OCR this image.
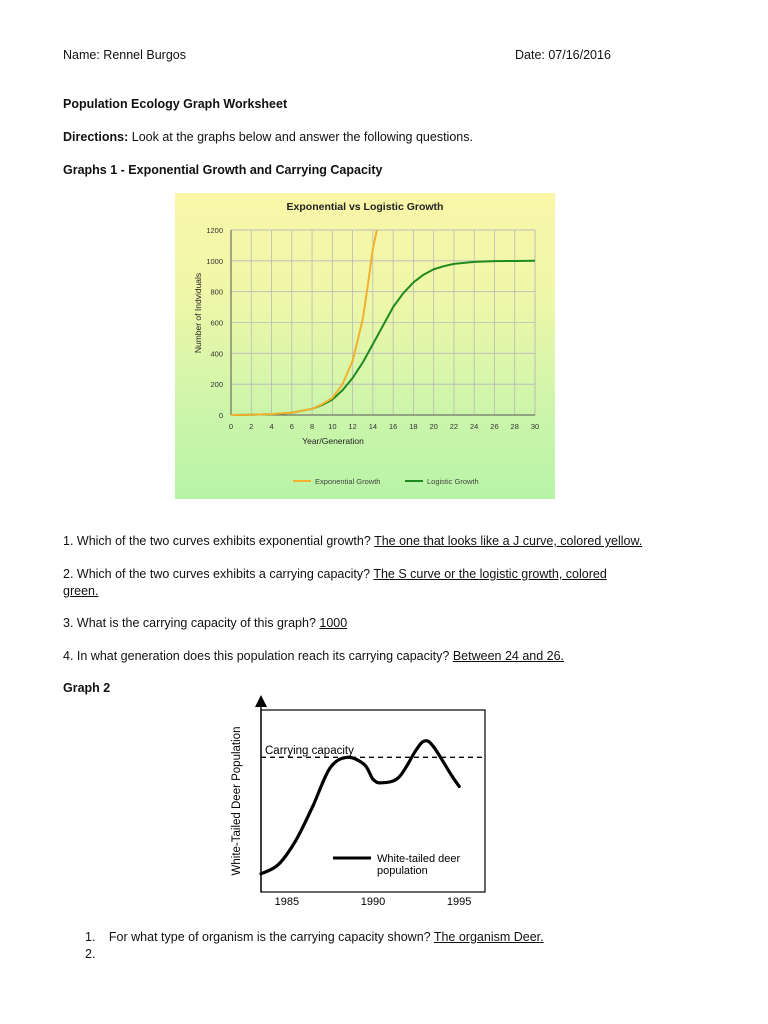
Name: Rennel Burgos	Date: 07/16/2016
Population Ecology Graph Worksheet
Directions: Look at the graphs below and answer the following questions.
Graphs 1 - Exponential Growth and Carrying Capacity
Exponential vs Logistic Growth
0 2 4 6 8 10 12 14 16 18 20 22 24 26 28 30
0
200
400
600
800
1000
1200
Year/Generation
Number of Indviduals
Exponential Growth	Logistic Growth
1. Which of the two curves exhibits exponential growth? The one that looks like a J curve, colored yellow.
2. Which of the two curves exhibits a carrying capacity? The S curve or the logistic growth, colored
green.
3. What is the carrying capacity of this graph? 1000
4. In what generation does this population reach its carrying capacity? Between 24 and 26.
Graph 2
Carrying capacity
White-Tailed Deer Population	White-tailed deer
population
1985	1990	1995
1. For what type of organism is the carrying capacity shown? The organism Deer.
2.
